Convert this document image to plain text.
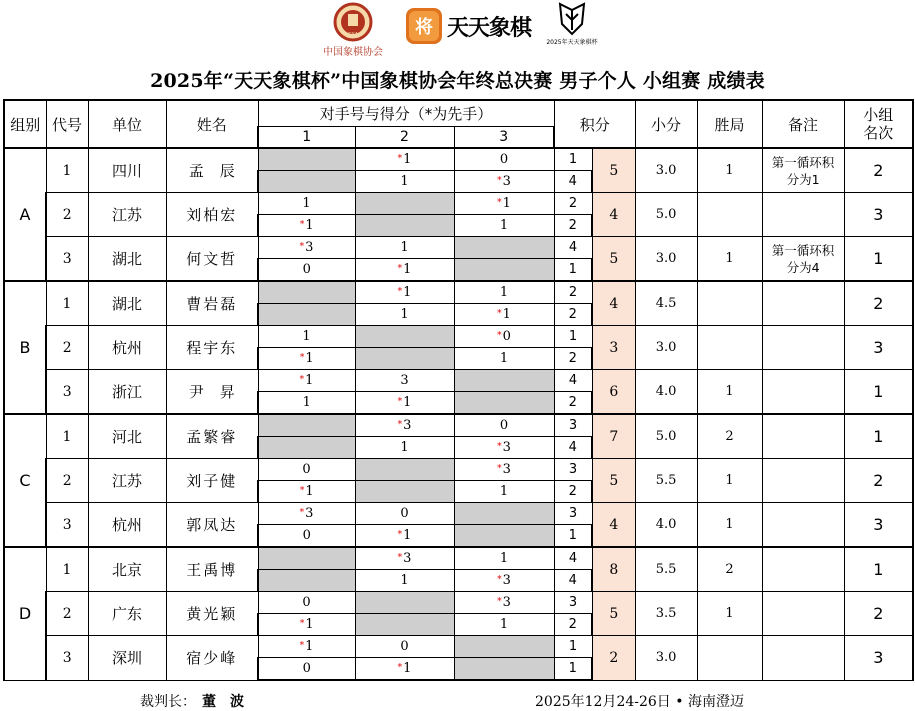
CXA
中国象棋协会
将 天天象棋
2025年天天象棋杯
2025年“天天象棋杯”中国象棋协会年终总决赛 男子个人 小组赛 成绩表
组别	代号	单位	姓名	对手号与得分（*为先手）			积分		小分	胜局	备注	小组名次
				1	2	3						
A	1	四川	孟辰		*1	0	1	5	3.0	1	第一循环积分为1	2
					1	*3	4					
	2	江苏	刘柏宏	1		*1	2	4	5.0			3
				*1		1	2					
	3	湖北	何文哲	*3	1		4	5	3.0	1	第一循环积分为4	1
				0	*1		1					
B	1	湖北	曹岩磊		*1	1	2	4	4.5			2
					1	*1	2					
	2	杭州	程宇东	1		*0	1	3	3.0			3
				*1		1	2					
	3	浙江	尹昇	*1	3		4	6	4.0	1		1
				1	*1		2					
C	1	河北	孟繁睿		*3	0	3	7	5.0	2		1
					1	*3	4					
	2	江苏	刘子健	0		*3	3	5	5.5	1		2
				*1		1	2					
	3	杭州	郭凤达	*3	0		3	4	4.0	1		3
				0	*1		1					
D	1	北京	王禹博		*3	1	4	8	5.5	2		1
					1	*3	4					
	2	广东	黄光颖	0		*3	3	5	3.5	1		2
				*1		1	2					
	3	深圳	宿少峰	*1	0		1	2	3.0			3
				0	*1		1					
裁判长： 董波	2025年12月24-26日 • 海南澄迈
